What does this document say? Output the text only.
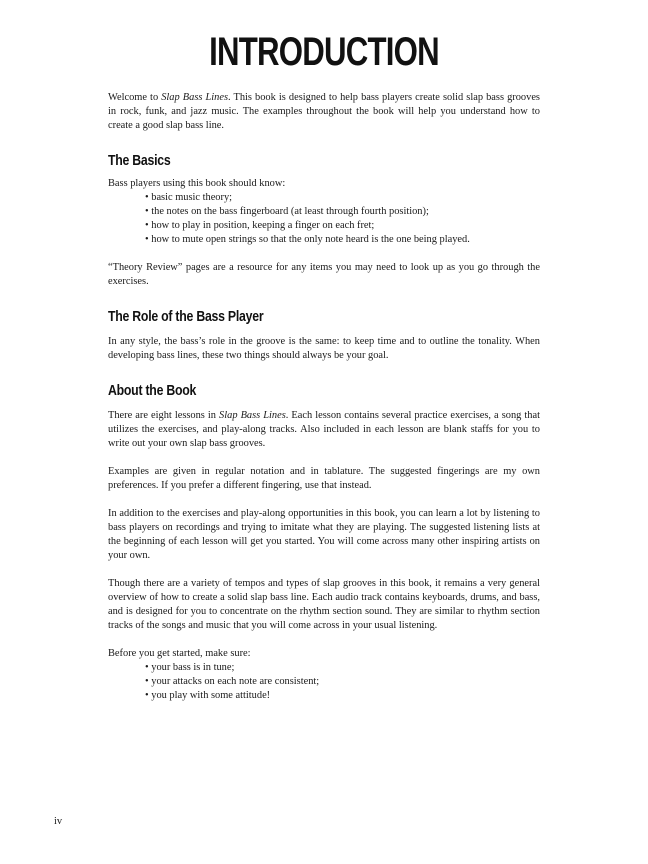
INTRODUCTION

Welcome to Slap Bass Lines. This book is designed to help bass players create solid slap bass grooves in rock, funk, and jazz music. The examples throughout the book will help you understand how to create a good slap bass line.

The Basics

Bass players using this book should know:

• basic music theory;
• the notes on the bass fingerboard (at least through fourth position);
• how to play in position, keeping a finger on each fret;
• how to mute open strings so that the only note heard is the one being played.

“Theory Review” pages are a resource for any items you may need to look up as you go through the exercises.

The Role of the Bass Player

In any style, the bass’s role in the groove is the same: to keep time and to outline the tonality. When developing bass lines, these two things should always be your goal.

About the Book

There are eight lessons in Slap Bass Lines. Each lesson contains several practice exercises, a song that utilizes the exercises, and play-along tracks. Also included in each lesson are blank staffs for you to write out your own slap bass grooves.

Examples are given in regular notation and in tablature. The suggested fingerings are my own preferences. If you prefer a different fingering, use that instead.

In addition to the exercises and play-along opportunities in this book, you can learn a lot by listening to bass players on recordings and trying to imitate what they are playing. The suggested listening lists at the beginning of each lesson will get you started. You will come across many other inspiring artists on your own.

Though there are a variety of tempos and types of slap grooves in this book, it remains a very general overview of how to create a solid slap bass line. Each audio track contains keyboards, drums, and bass, and is designed for you to concentrate on the rhythm section sound. They are similar to rhythm section tracks of the songs and music that you will come across in your usual listening.

Before you get started, make sure:

• your bass is in tune;
• your attacks on each note are consistent;
• you play with some attitude!
iv
